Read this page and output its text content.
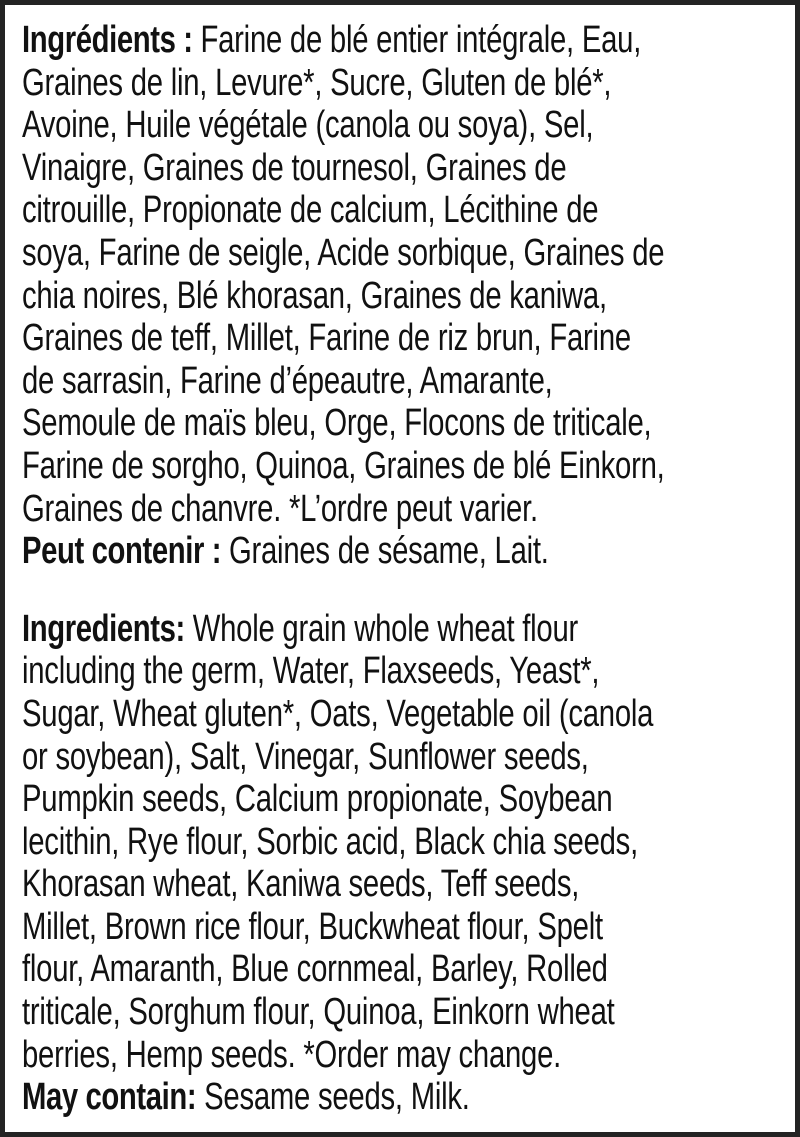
Ingrédients : Farine de blé entier intégrale, Eau,
Graines de lin, Levure*, Sucre, Gluten de blé*,
Avoine, Huile végétale (canola ou soya), Sel,
Vinaigre, Graines de tournesol, Graines de
citrouille, Propionate de calcium, Lécithine de
soya, Farine de seigle, Acide sorbique, Graines de
chia noires, Blé khorasan, Graines de kaniwa,
Graines de teff, Millet, Farine de riz brun, Farine
de sarrasin, Farine d’épeautre, Amarante,
Semoule de maïs bleu, Orge, Flocons de triticale,
Farine de sorgho, Quinoa, Graines de blé Einkorn,
Graines de chanvre. *L’ordre peut varier.
Peut contenir : Graines de sésame, Lait.
Ingredients: Whole grain whole wheat flour
including the germ, Water, Flaxseeds, Yeast*,
Sugar, Wheat gluten*, Oats, Vegetable oil (canola
or soybean), Salt, Vinegar, Sunflower seeds,
Pumpkin seeds, Calcium propionate, Soybean
lecithin, Rye flour, Sorbic acid, Black chia seeds,
Khorasan wheat, Kaniwa seeds, Teff seeds,
Millet, Brown rice flour, Buckwheat flour, Spelt
flour, Amaranth, Blue cornmeal, Barley, Rolled
triticale, Sorghum flour, Quinoa, Einkorn wheat
berries, Hemp seeds. *Order may change.
May contain: Sesame seeds, Milk.
